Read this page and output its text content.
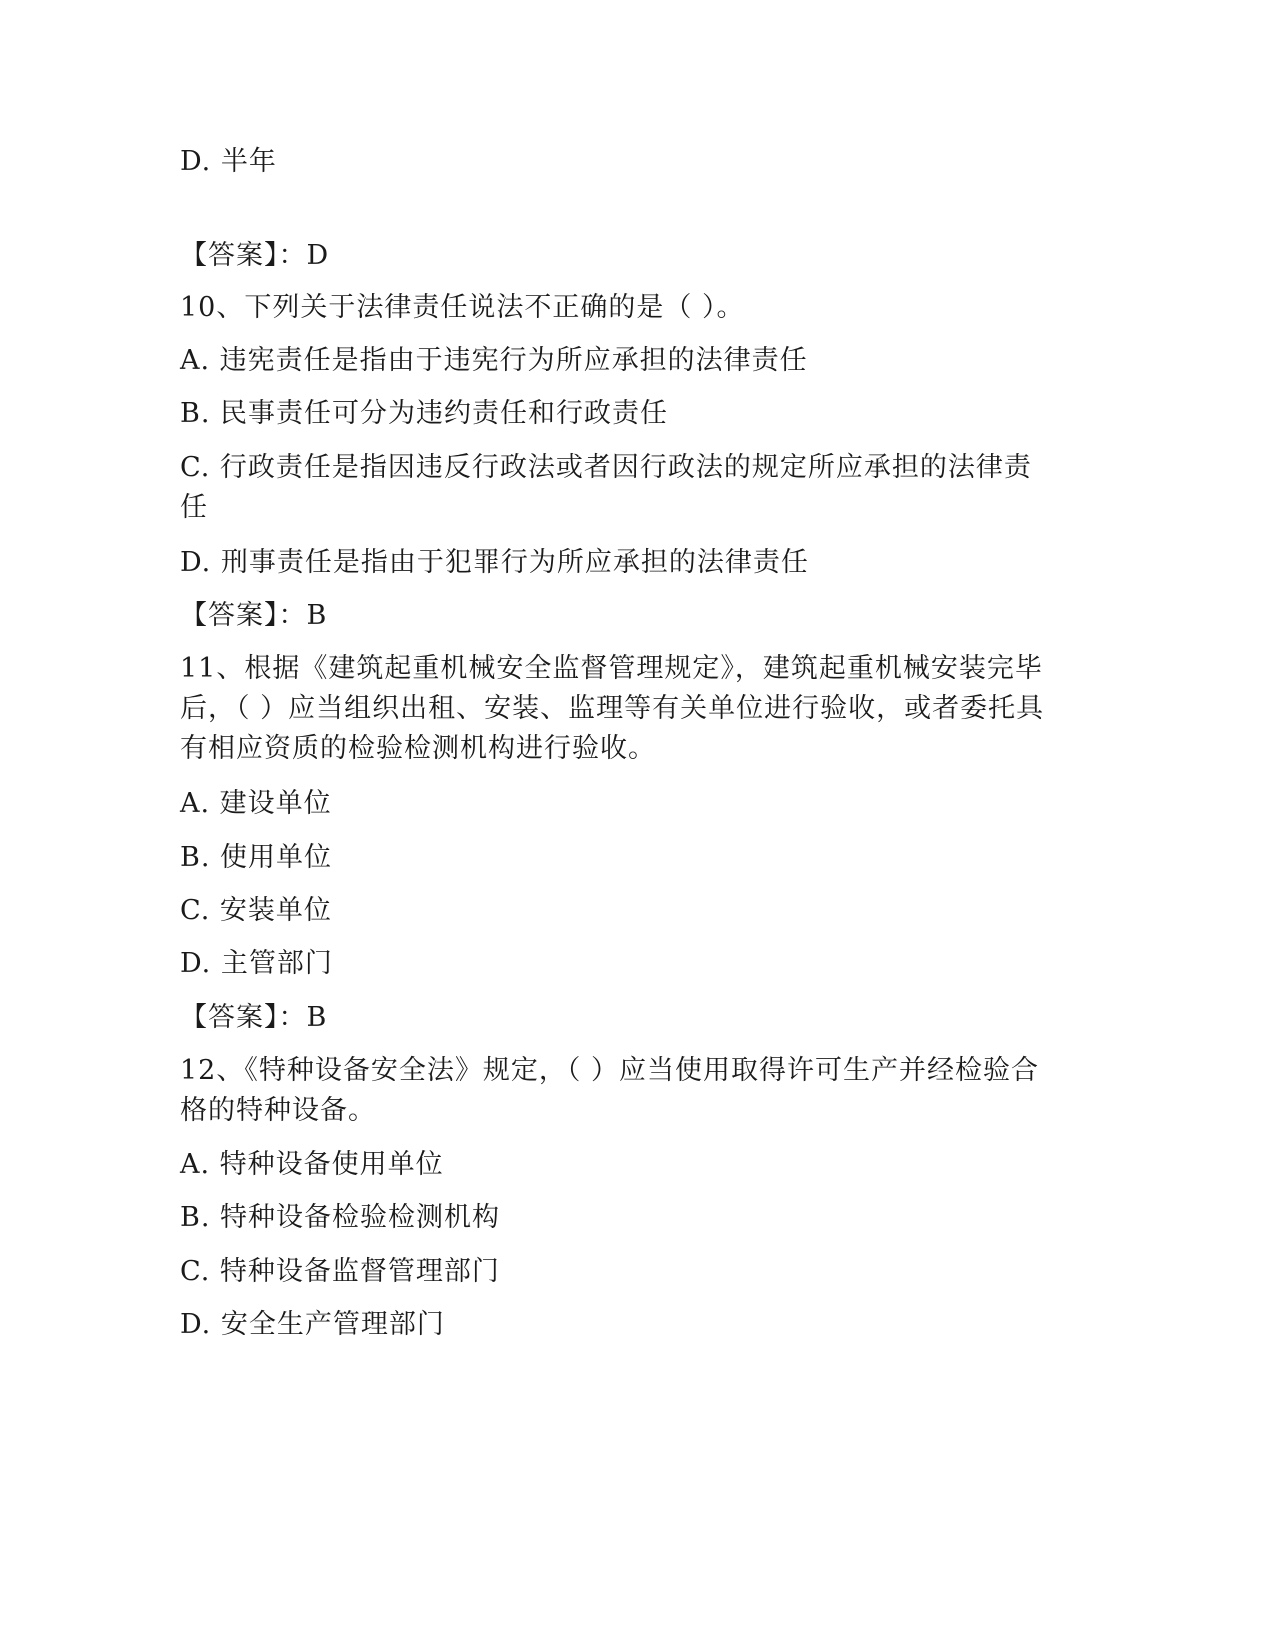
D. 半年
【答案】：D
10、下列关于法律责任说法不正确的是（ ）。
A. 违宪责任是指由于违宪行为所应承担的法律责任
B. 民事责任可分为违约责任和行政责任
C. 行政责任是指因违反行政法或者因行政法的规定所应承担的法律责任
D. 刑事责任是指由于犯罪行为所应承担的法律责任
【答案】：B
11、根据《建筑起重机械安全监督管理规定》，建筑起重机械安装完毕后，（ ）应当组织出租、安装、监理等有关单位进行验收，或者委托具有相应资质的检验检测机构进行验收。
A. 建设单位
B. 使用单位
C. 安装单位
D. 主管部门
【答案】：B
12、《特种设备安全法》规定，（ ）应当使用取得许可生产并经检验合格的特种设备。
A. 特种设备使用单位
B. 特种设备检验检测机构
C. 特种设备监督管理部门
D. 安全生产管理部门
